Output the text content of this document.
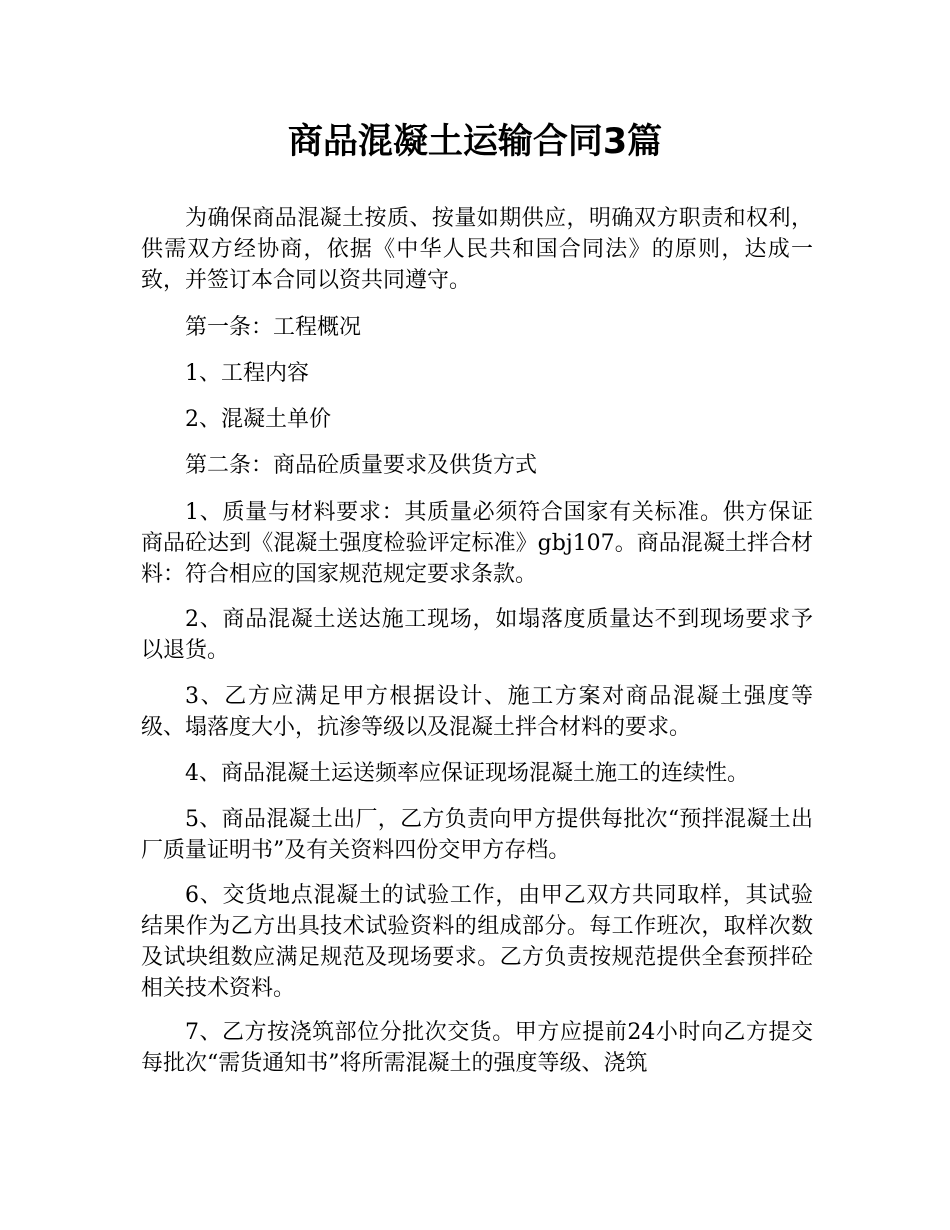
商品混凝土运输合同3篇

为确保商品混凝土按质、按量如期供应，明确双方职责和权利，供需双方经协商，依据《中华人民共和国合同法》的原则，达成一致，并签订本合同以资共同遵守。

第一条：工程概况

1、工程内容

2、混凝土单价

第二条：商品砼质量要求及供货方式

1、质量与材料要求：其质量必须符合国家有关标准。供方保证商品砼达到《混凝土强度检验评定标准》gbj107。商品混凝土拌合材料：符合相应的国家规范规定要求条款。

2、商品混凝土送达施工现场，如塌落度质量达不到现场要求予以退货。

3、乙方应满足甲方根据设计、施工方案对商品混凝土强度等级、塌落度大小，抗渗等级以及混凝土拌合材料的要求。

4、商品混凝土运送频率应保证现场混凝土施工的连续性。

5、商品混凝土出厂，乙方负责向甲方提供每批次“预拌混凝土出厂质量证明书”及有关资料四份交甲方存档。

6、交货地点混凝土的试验工作，由甲乙双方共同取样，其试验结果作为乙方出具技术试验资料的组成部分。每工作班次，取样次数及试块组数应满足规范及现场要求。乙方负责按规范提供全套预拌砼相关技术资料。

7、乙方按浇筑部位分批次交货。甲方应提前24小时向乙方提交每批次“需货通知书”将所需混凝土的强度等级、浇筑
